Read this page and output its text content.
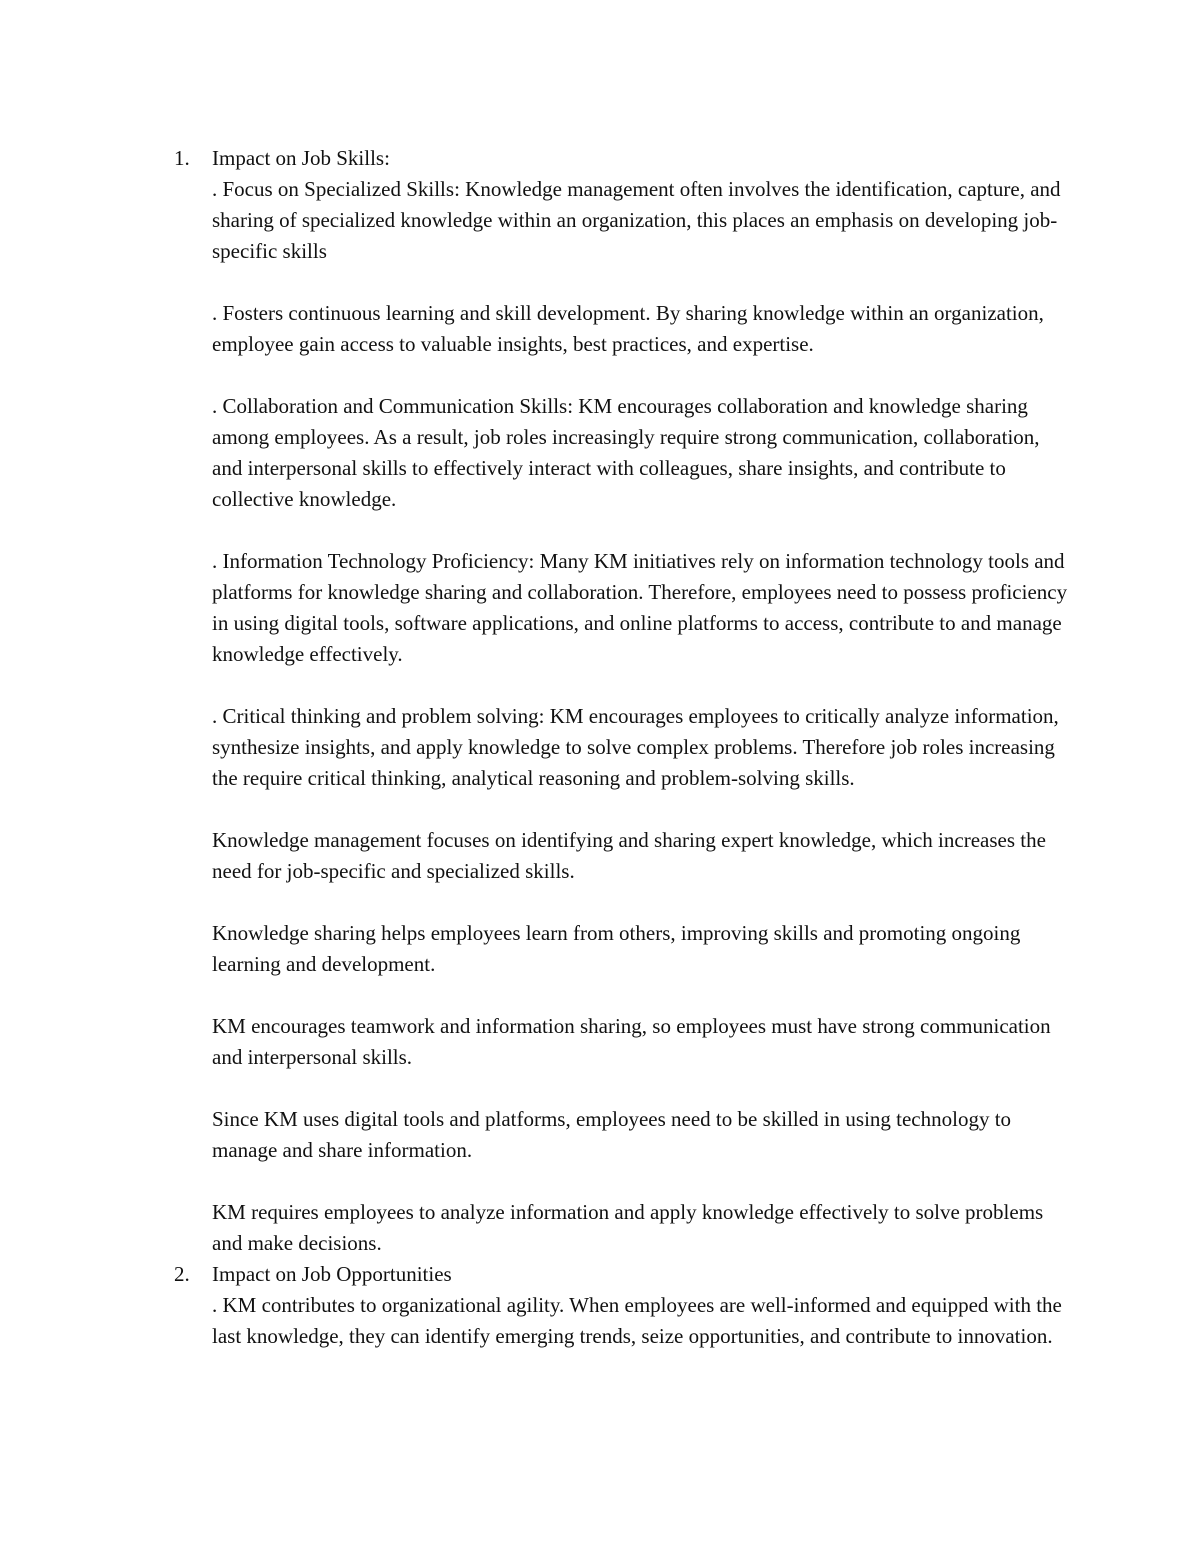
1. Impact on Job Skills:

. Focus on Specialized Skills: Knowledge management often involves the identification, capture, and sharing of specialized knowledge within an organization, this places an emphasis on developing job-specific skills

. Fosters continuous learning and skill development. By sharing knowledge within an organization, employee gain access to valuable insights, best practices, and expertise.

. Collaboration and Communication Skills: KM encourages collaboration and knowledge sharing among employees. As a result, job roles increasingly require strong communication, collaboration, and interpersonal skills to effectively interact with colleagues, share insights, and contribute to collective knowledge.

. Information Technology Proficiency: Many KM initiatives rely on information technology tools and platforms for knowledge sharing and collaboration. Therefore, employees need to possess proficiency in using digital tools, software applications, and online platforms to access, contribute to and manage knowledge effectively.

. Critical thinking and problem solving: KM encourages employees to critically analyze information, synthesize insights, and apply knowledge to solve complex problems. Therefore job roles increasing the require critical thinking, analytical reasoning and problem-solving skills.

Knowledge management focuses on identifying and sharing expert knowledge, which increases the need for job-specific and specialized skills.

Knowledge sharing helps employees learn from others, improving skills and promoting ongoing learning and development.

KM encourages teamwork and information sharing, so employees must have strong communication and interpersonal skills.

Since KM uses digital tools and platforms, employees need to be skilled in using technology to manage and share information.

KM requires employees to analyze information and apply knowledge effectively to solve problems and make decisions.

2. Impact on Job Opportunities

. KM contributes to organizational agility. When employees are well-informed and equipped with the last knowledge, they can identify emerging trends, seize opportunities, and contribute to innovation.
